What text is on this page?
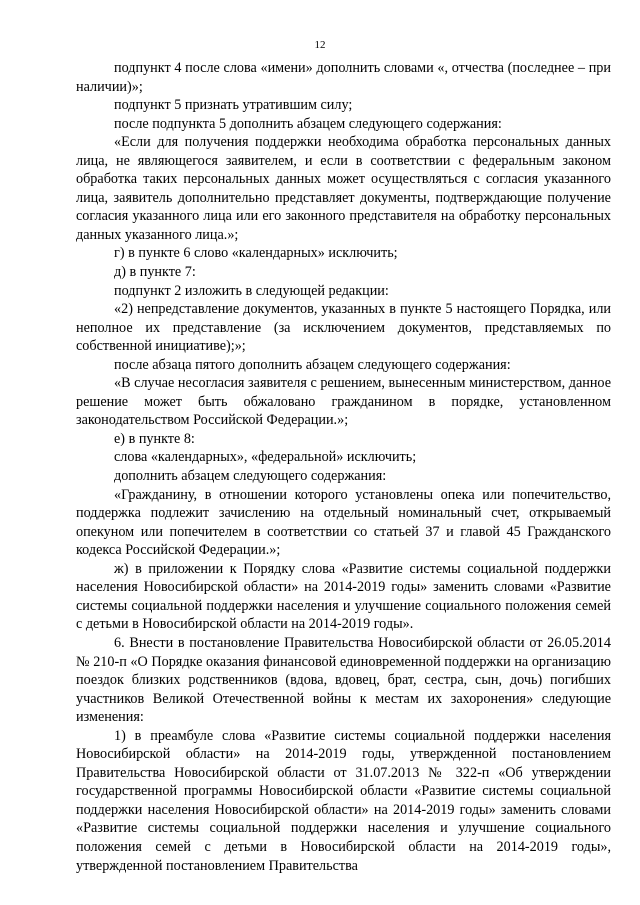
12

подпункт 4 после слова «имени» дополнить словами «, отчества (последнее – при наличии)»;

подпункт 5 признать утратившим силу;

после подпункта 5 дополнить абзацем следующего содержания:

«Если для получения поддержки необходима обработка персональных данных лица, не являющегося заявителем, и если в соответствии с федеральным законом обработка таких персональных данных может осуществляться с согласия указанного лица, заявитель дополнительно представляет документы, подтверждающие получение согласия указанного лица или его законного представителя на обработку персональных данных указанного лица.»;

г) в пункте 6 слово «календарных» исключить;

д) в пункте 7:

подпункт 2 изложить в следующей редакции:

«2) непредставление документов, указанных в пункте 5 настоящего Порядка, или неполное их представление (за исключением документов, представляемых по собственной инициативе);»;

после абзаца пятого дополнить абзацем следующего содержания:

«В случае несогласия заявителя с решением, вынесенным министерством, данное решение может быть обжаловано гражданином в порядке, установленном законодательством Российской Федерации.»;

е) в пункте 8:

слова «календарных», «федеральной» исключить;

дополнить абзацем следующего содержания:

«Гражданину, в отношении которого установлены опека или попечительство, поддержка подлежит зачислению на отдельный номинальный счет, открываемый опекуном или попечителем в соответствии со статьей 37 и главой 45 Гражданского кодекса Российской Федерации.»;

ж) в приложении к Порядку слова «Развитие системы социальной поддержки населения Новосибирской области» на 2014-2019 годы» заменить словами «Развитие системы социальной поддержки населения и улучшение социального положения семей с детьми в Новосибирской области на 2014-2019 годы».

6. Внести в постановление Правительства Новосибирской области от 26.05.2014 № 210-п «О Порядке оказания финансовой единовременной поддержки на организацию поездок близких родственников (вдова, вдовец, брат, сестра, сын, дочь) погибших участников Великой Отечественной войны к местам их захоронения» следующие изменения:

1) в преамбуле слова «Развитие системы социальной поддержки населения Новосибирской области» на 2014-2019 годы, утвержденной постановлением Правительства Новосибирской области от 31.07.2013 № 322-п «Об утверждении государственной программы Новосибирской области «Развитие системы социальной поддержки населения Новосибирской области» на 2014-2019 годы» заменить словами «Развитие системы социальной поддержки населения и улучшение социального положения семей с детьми в Новосибирской области на 2014-2019 годы», утвержденной постановлением Правительства
